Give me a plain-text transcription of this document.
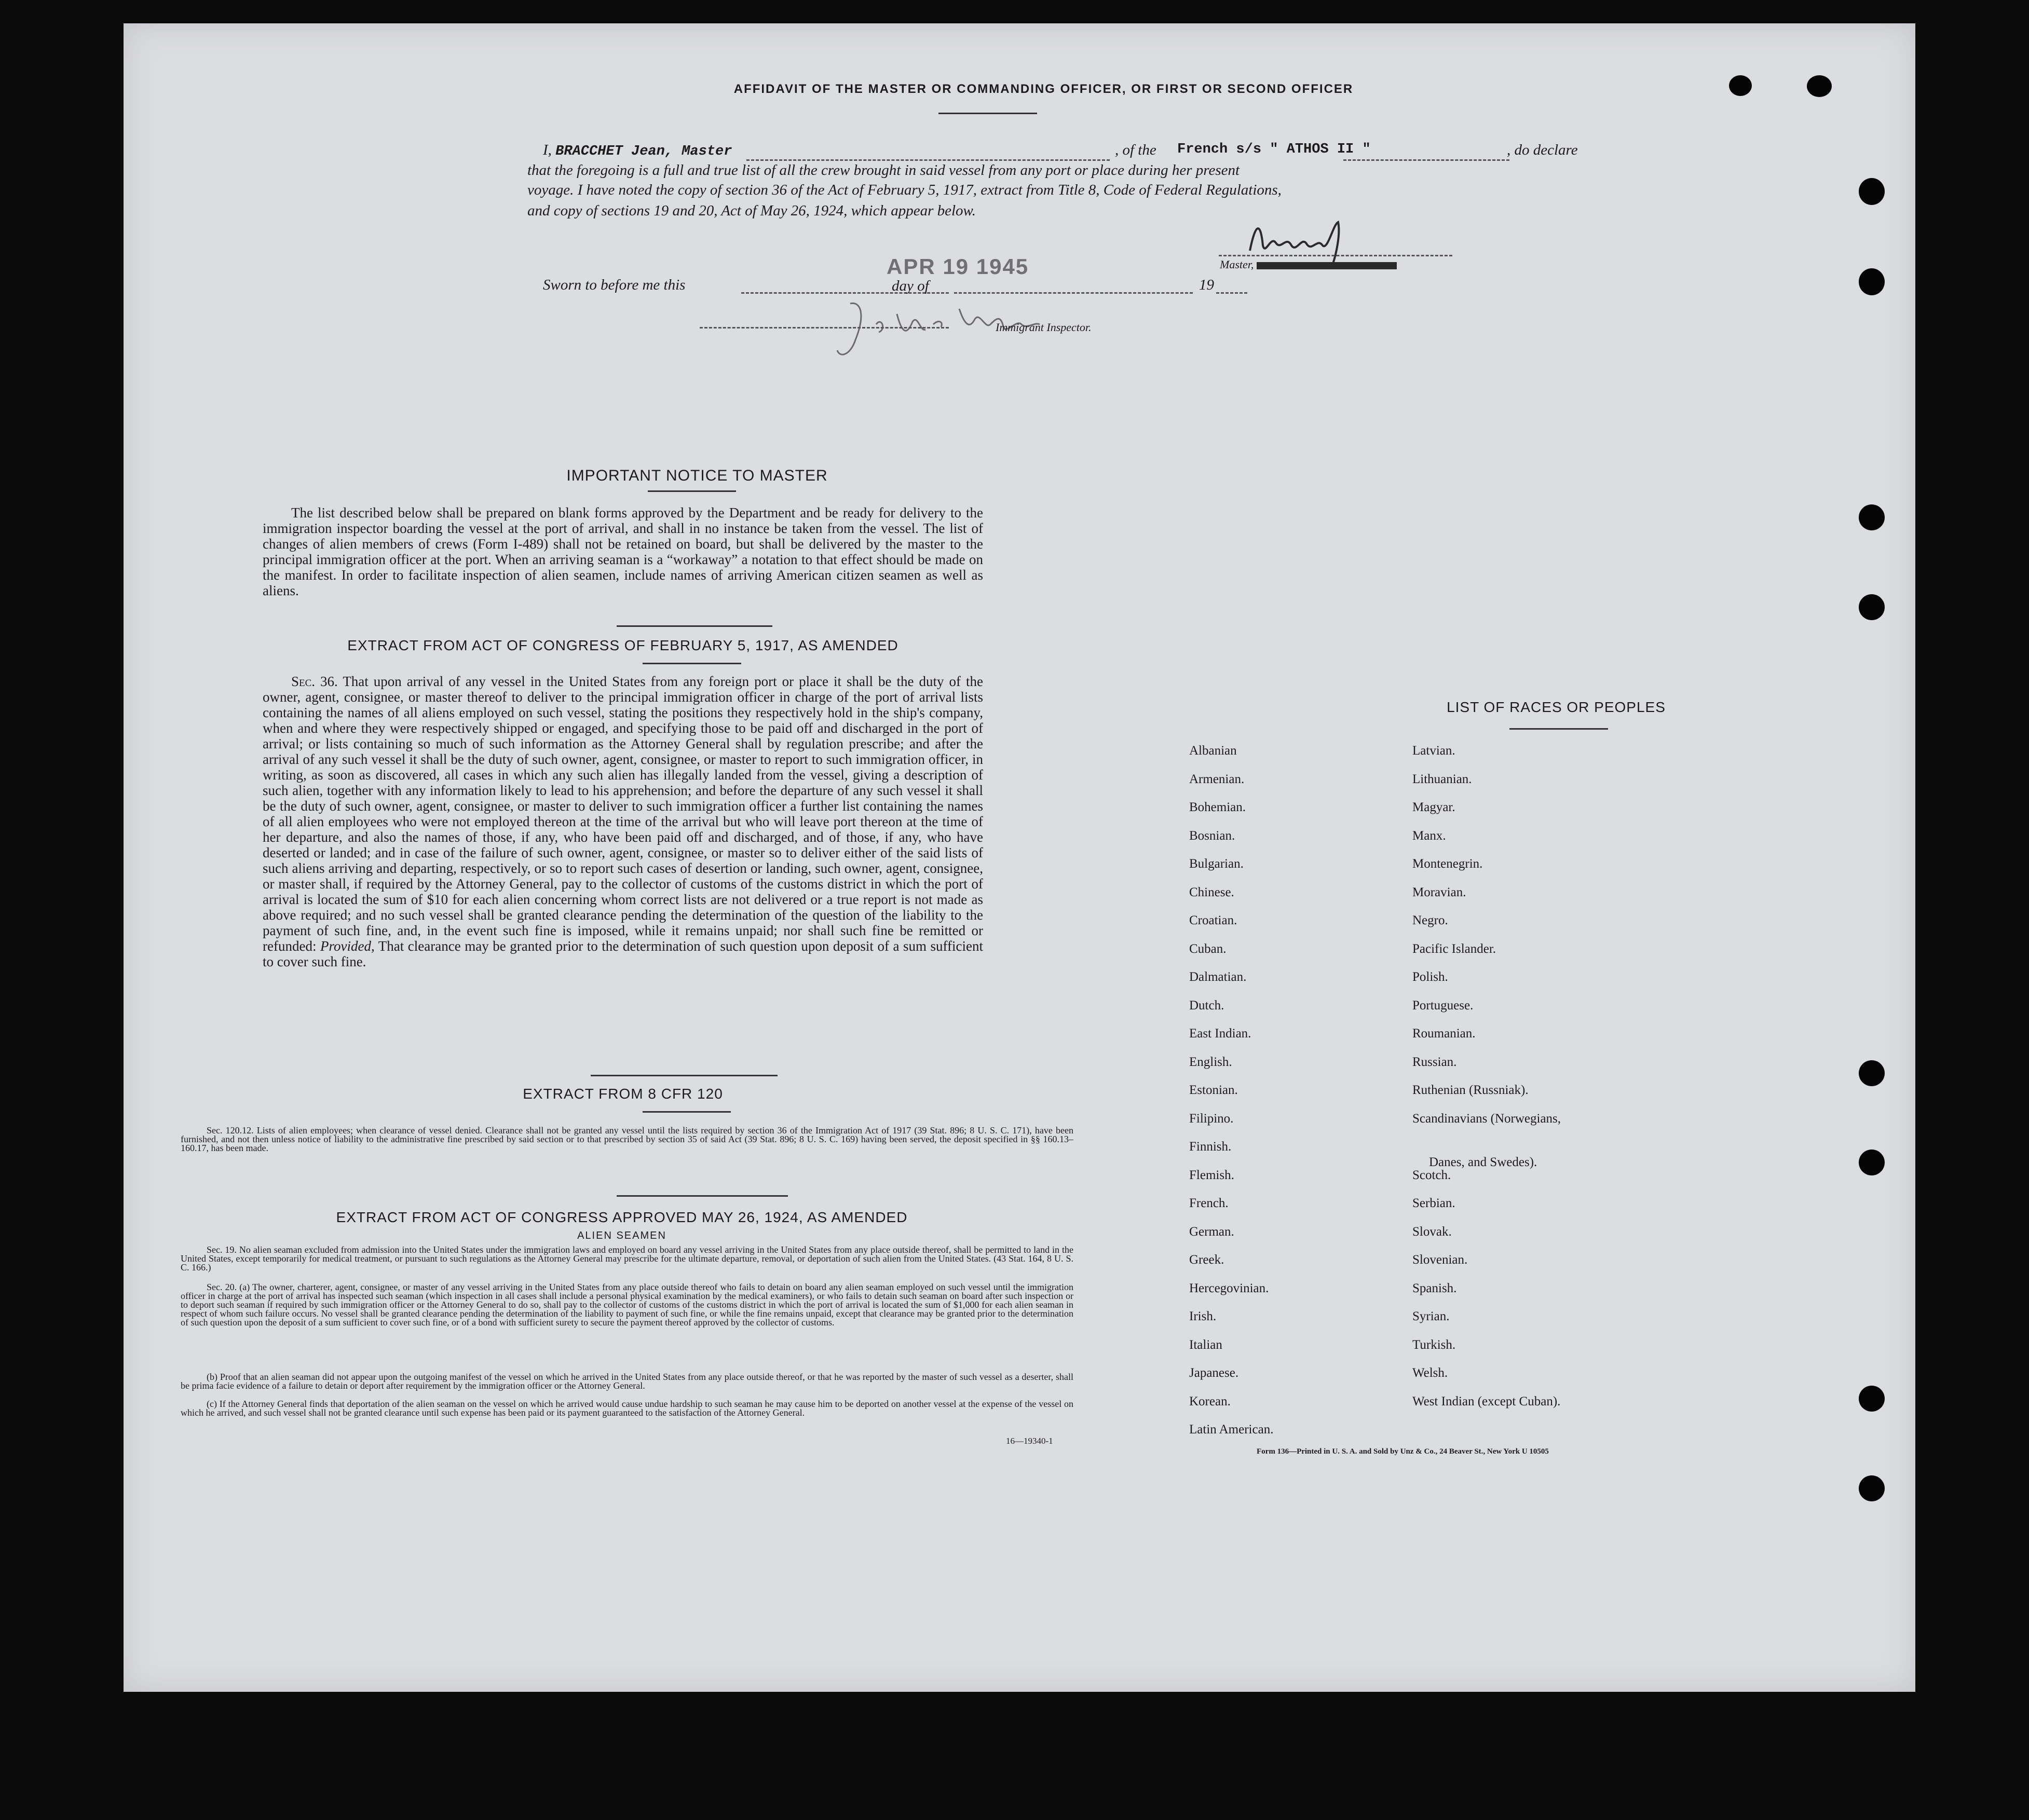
AFFIDAVIT OF THE MASTER OR COMMANDING OFFICER, OR FIRST OR SECOND OFFICER
I, BRACCHET Jean, Master	, of the French s/s " ATHOS II "	, do declare
that the foregoing is a full and true list of all the crew brought in said vessel from any port or place during her present
voyage. I have noted the copy of section 36 of the Act of February 5, 1917, extract from Title 8, Code of Federal Regulations,
and copy of sections 19 and 20, Act of May 26, 1924, which appear below.
Master,
Sworn to before me this
APR 19 1945
day of	19
Immigrant Inspector.
IMPORTANT NOTICE TO MASTER
The list described below shall be prepared on blank forms approved by the Department and be ready for delivery to the immigration inspector boarding the vessel at the port of arrival, and shall in no instance be taken from the vessel. The list of changes of alien members of crews (Form I-489) shall not be retained on board, but shall be delivered by the master to the principal immigration officer at the port. When an arriving seaman is a “workaway” a notation to that effect should be made on the manifest. In order to facilitate inspection of alien seamen, include names of arriving American citizen seamen as well as aliens.
EXTRACT FROM ACT OF CONGRESS OF FEBRUARY 5, 1917, AS AMENDED
Sec. 36. That upon arrival of any vessel in the United States from any foreign port or place it shall be the duty of the owner, agent, consignee, or master thereof to deliver to the principal immigration officer in charge of the port of arrival lists containing the names of all aliens employed on such vessel, stating the positions they respectively hold in the ship's company, when and where they were respectively shipped or engaged, and specifying those to be paid off and discharged in the port of arrival; or lists containing so much of such information as the Attorney General shall by regulation prescribe; and after the arrival of any such vessel it shall be the duty of such owner, agent, consignee, or master to report to such immigration officer, in writing, as soon as discovered, all cases in which any such alien has illegally landed from the vessel, giving a description of such alien, together with any information likely to lead to his apprehension; and before the departure of any such vessel it shall be the duty of such owner, agent, consignee, or master to deliver to such immigration officer a further list containing the names of all alien employees who were not employed thereon at the time of the arrival but who will leave port thereon at the time of her departure, and also the names of those, if any, who have been paid off and discharged, and of those, if any, who have deserted or landed; and in case of the failure of such owner, agent, consignee, or master so to deliver either of the said lists of such aliens arriving and departing, respectively, or so to report such cases of desertion or landing, such owner, agent, consignee, or master shall, if required by the Attorney General, pay to the collector of customs of the customs district in which the port of arrival is located the sum of $10 for each alien concerning whom correct lists are not delivered or a true report is not made as above required; and no such vessel shall be granted clearance pending the determination of the question of the liability to the payment of such fine, and, in the event such fine is imposed, while it remains unpaid; nor shall such fine be remitted or refunded: Provided, That clearance may be granted prior to the determination of such question upon deposit of a sum sufficient to cover such fine.
EXTRACT FROM 8 CFR 120
Sec. 120.12. Lists of alien employees; when clearance of vessel denied. Clearance shall not be granted any vessel until the lists required by section 36 of the Immigration Act of 1917 (39 Stat. 896; 8 U. S. C. 171), have been furnished, and not then unless notice of liability to the administrative fine prescribed by said section or to that prescribed by section 35 of said Act (39 Stat. 896; 8 U. S. C. 169) having been served, the deposit specified in §§ 160.13–160.17, has been made.
EXTRACT FROM ACT OF CONGRESS APPROVED MAY 26, 1924, AS AMENDED
ALIEN SEAMEN
Sec. 19. No alien seaman excluded from admission into the United States under the immigration laws and employed on board any vessel arriving in the United States from any place outside thereof, shall be permitted to land in the United States, except temporarily for medical treatment, or pursuant to such regulations as the Attorney General may prescribe for the ultimate departure, removal, or deportation of such alien from the United States. (43 Stat. 164, 8 U. S. C. 166.)
Sec. 20. (a) The owner, charterer, agent, consignee, or master of any vessel arriving in the United States from any place outside thereof who fails to detain on board any alien seaman employed on such vessel until the immigration officer in charge at the port of arrival has inspected such seaman (which inspection in all cases shall include a personal physical examination by the medical examiners), or who fails to detain such seaman on board after such inspection or to deport such seaman if required by such immigration officer or the Attorney General to do so, shall pay to the collector of customs of the customs district in which the port of arrival is located the sum of $1,000 for each alien seaman in respect of whom such failure occurs. No vessel shall be granted clearance pending the determination of the liability to payment of such fine, or while the fine remains unpaid, except that clearance may be granted prior to the determination of such question upon the deposit of a sum sufficient to cover such fine, or of a bond with sufficient surety to secure the payment thereof approved by the collector of customs.
(b) Proof that an alien seaman did not appear upon the outgoing manifest of the vessel on which he arrived in the United States from any place outside thereof, or that he was reported by the master of such vessel as a deserter, shall be prima facie evidence of a failure to detain or deport after requirement by the immigration officer or the Attorney General.
(c) If the Attorney General finds that deportation of the alien seaman on the vessel on which he arrived would cause undue hardship to such seaman he may cause him to be deported on another vessel at the expense of the vessel on which he arrived, and such vessel shall not be granted clearance until such expense has been paid or its payment guaranteed to the satisfaction of the Attorney General.
16—19340-1
LIST OF RACES OR PEOPLES
Form 136—Printed in U. S. A. and Sold by Unz & Co., 24 Beaver St., New York U 10505
Albanian
Armenian.
Bohemian.
Bosnian.
Bulgarian.
Chinese.
Croatian.
Cuban.
Dalmatian.
Dutch.
East Indian.
English.
Estonian.
Filipino.
Finnish.
Flemish.
French.
German.
Greek.
Hercegovinian.
Irish.
Italian
Japanese.
Korean.
Latin American.
Latvian.
Lithuanian.
Magyar.
Manx.
Montenegrin.
Moravian.
Negro.
Pacific Islander.
Polish.
Portuguese.
Roumanian.
Russian.
Ruthenian (Russniak).
Scandinavians (Norwegians,
Danes, and Swedes).
Scotch.
Serbian.
Slovak.
Slovenian.
Spanish.
Syrian.
Turkish.
Welsh.
West Indian (except Cuban).
